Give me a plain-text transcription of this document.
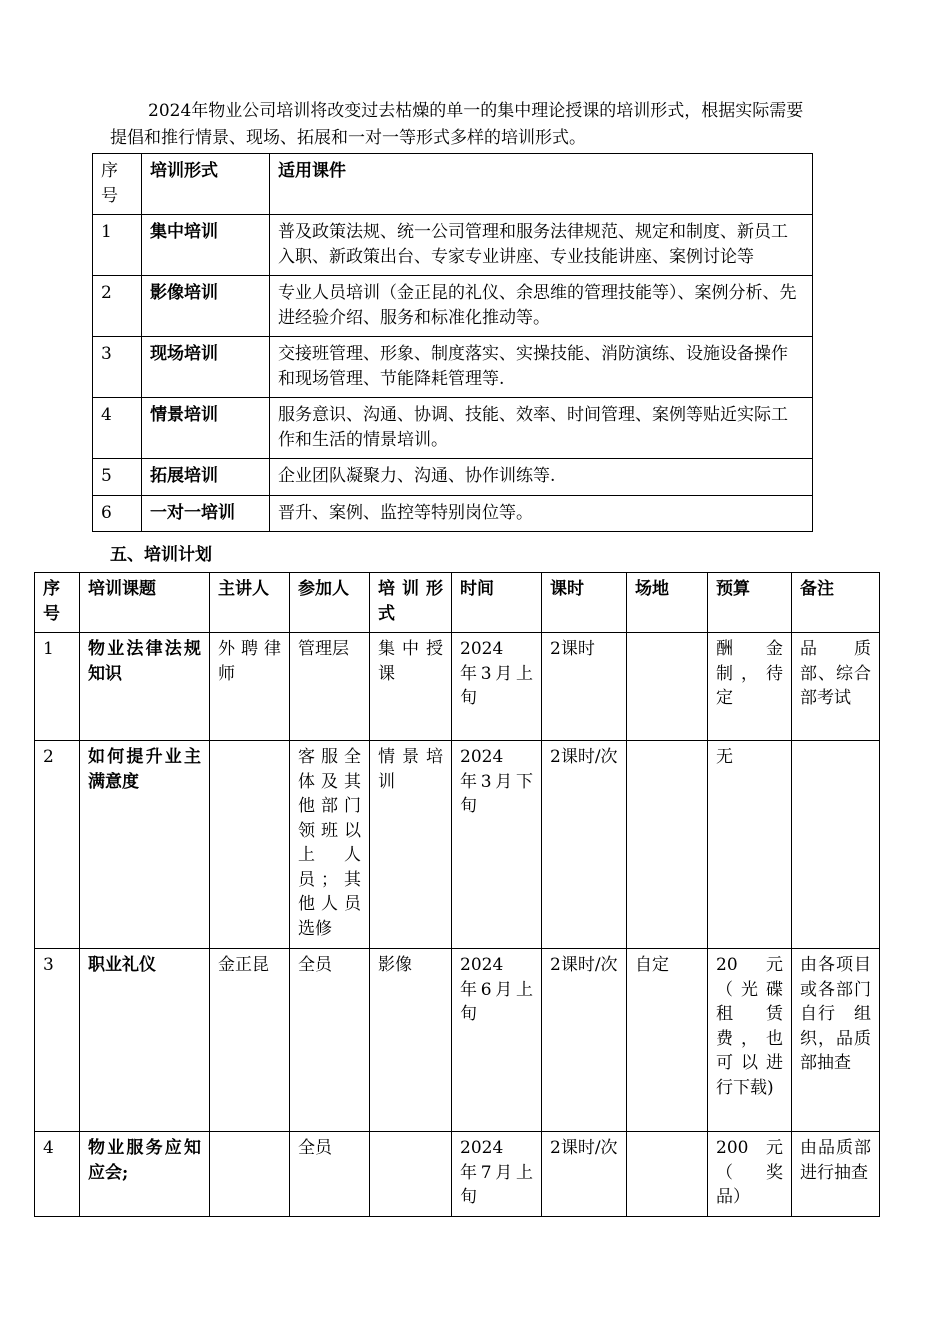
2024年物业公司培训将改变过去枯燥的单一的集中理论授课的培训形式，根据实际需要提倡和推行情景、现场、拓展和一对一等形式多样的培训形式。

序号	培训形式	适用课件
1	集中培训	普及政策法规、统一公司管理和服务法律规范、规定和制度、新员工入职、新政策出台、专家专业讲座、专业技能讲座、案例讨论等
2	影像培训	专业人员培训（金正昆的礼仪、余思维的管理技能等）、案例分析、先进经验介绍、服务和标准化推动等。
3	现场培训	交接班管理、形象、制度落实、实操技能、消防演练、设施设备操作和现场管理、节能降耗管理等.
4	情景培训	服务意识、沟通、协调、技能、效率、时间管理、案例等贴近实际工作和生活的情景培训。
5	拓展培训	企业团队凝聚力、沟通、协作训练等.
6	一对一培训	晋升、案例、监控等特别岗位等。

五、培训计划

序号	培训课题	主讲人	参加人	培训形式	时间	课时	场地	预算	备注
1	物业法律法规知识	外聘律师	管理层	集中授课	2024　年3月上旬	2课时		酬　金制，待定	品　质部、综合部考试
2	如何提升业主满意度		客服全体及其他部门领班以上　人员；其他人员选修	情景培训	2024　年3月下旬	2课时/次		无	
3	职业礼仪	金正昆	全员	影像	2024　年6月上旬	2课时/次	自定	20　元（光碟租　赁费，也可以进行下载)	由各项目或各部门自行　组织，品质部抽查
4	物业服务应知应会;		全员		2024　年7月上旬	2课时/次		200　元（　奖品）	由品质部进行抽查
